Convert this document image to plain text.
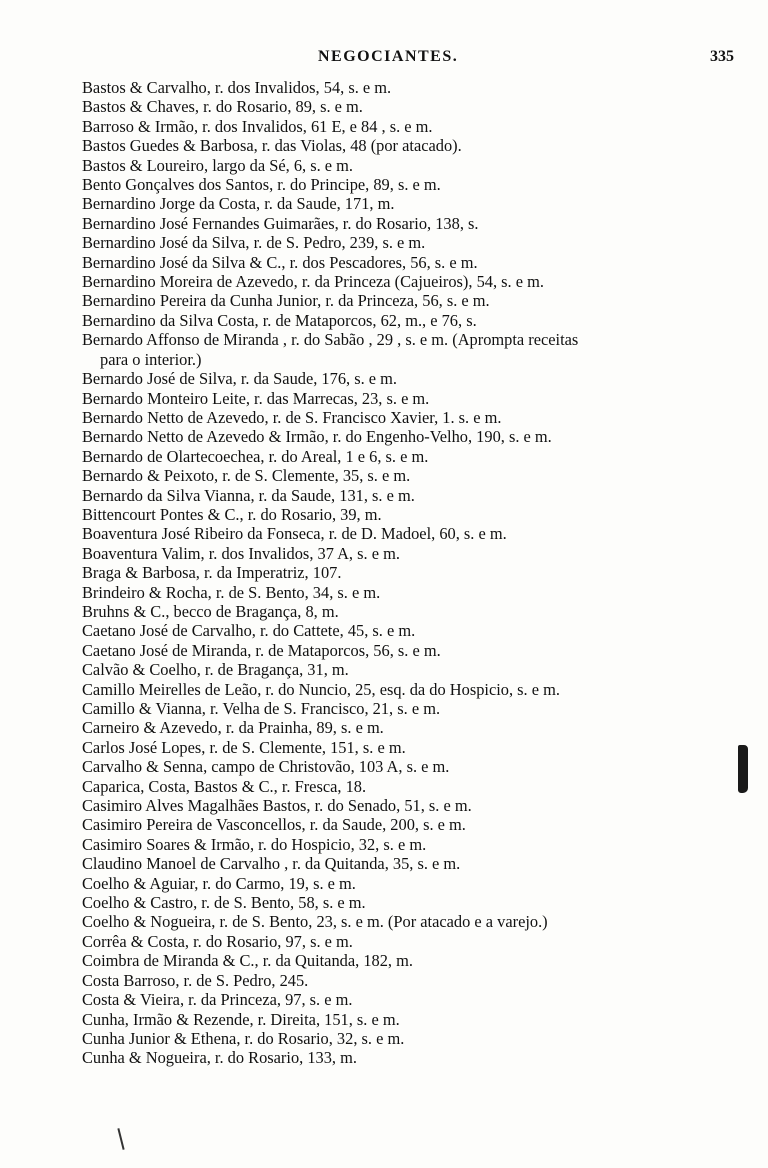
NEGOCIANTES.	335
Bastos & Carvalho, r. dos Invalidos, 54, s. e m.
Bastos & Chaves, r. do Rosario, 89, s. e m.
Barroso & Irmão, r. dos Invalidos, 61 E, e 84 , s. e m.
Bastos Guedes & Barbosa, r. das Violas, 48 (por atacado).
Bastos & Loureiro, largo da Sé, 6, s. e m.
Bento Gonçalves dos Santos, r. do Principe, 89, s. e m.
Bernardino Jorge da Costa, r. da Saude, 171, m.
Bernardino José Fernandes Guimarães, r. do Rosario, 138, s.
Bernardino José da Silva, r. de S. Pedro, 239, s. e m.
Bernardino José da Silva & C., r. dos Pescadores, 56, s. e m.
Bernardino Moreira de Azevedo, r. da Princeza (Cajueiros), 54, s. e m.
Bernardino Pereira da Cunha Junior, r. da Princeza, 56, s. e m.
Bernardino da Silva Costa, r. de Mataporcos, 62, m., e 76, s.
Bernardo Affonso de Miranda , r. do Sabão , 29 , s. e m. (Aprompta receitas
para o interior.)
Bernardo José de Silva, r. da Saude, 176, s. e m.
Bernardo Monteiro Leite, r. das Marrecas, 23, s. e m.
Bernardo Netto de Azevedo, r. de S. Francisco Xavier, 1. s. e m.
Bernardo Netto de Azevedo & Irmão, r. do Engenho-Velho, 190, s. e m.
Bernardo de Olartecoechea, r. do Areal, 1 e 6, s. e m.
Bernardo & Peixoto, r. de S. Clemente, 35, s. e m.
Bernardo da Silva Vianna, r. da Saude, 131, s. e m.
Bittencourt Pontes & C., r. do Rosario, 39, m.
Boaventura José Ribeiro da Fonseca, r. de D. Madoel, 60, s. e m.
Boaventura Valim, r. dos Invalidos, 37 A, s. e m.
Braga & Barbosa, r. da Imperatriz, 107.
Brindeiro & Rocha, r. de S. Bento, 34, s. e m.
Bruhns & C., becco de Bragança, 8, m.
Caetano José de Carvalho, r. do Cattete, 45, s. e m.
Caetano José de Miranda, r. de Mataporcos, 56, s. e m.
Calvão & Coelho, r. de Bragança, 31, m.
Camillo Meirelles de Leão, r. do Nuncio, 25, esq. da do Hospicio, s. e m.
Camillo & Vianna, r. Velha de S. Francisco, 21, s. e m.
Carneiro & Azevedo, r. da Prainha, 89, s. e m.
Carlos José Lopes, r. de S. Clemente, 151, s. e m.
Carvalho & Senna, campo de Christovão, 103 A, s. e m.
Caparica, Costa, Bastos & C., r. Fresca, 18.
Casimiro Alves Magalhães Bastos, r. do Senado, 51, s. e m.
Casimiro Pereira de Vasconcellos, r. da Saude, 200, s. e m.
Casimiro Soares & Irmão, r. do Hospicio, 32, s. e m.
Claudino Manoel de Carvalho , r. da Quitanda, 35, s. e m.
Coelho & Aguiar, r. do Carmo, 19, s. e m.
Coelho & Castro, r. de S. Bento, 58, s. e m.
Coelho & Nogueira, r. de S. Bento, 23, s. e m. (Por atacado e a varejo.)
Corrêa & Costa, r. do Rosario, 97, s. e m.
Coimbra de Miranda & C., r. da Quitanda, 182, m.
Costa Barroso, r. de S. Pedro, 245.
Costa & Vieira, r. da Princeza, 97, s. e m.
Cunha, Irmão & Rezende, r. Direita, 151, s. e m.
Cunha Junior & Ethena, r. do Rosario, 32, s. e m.
Cunha & Nogueira, r. do Rosario, 133, m.
